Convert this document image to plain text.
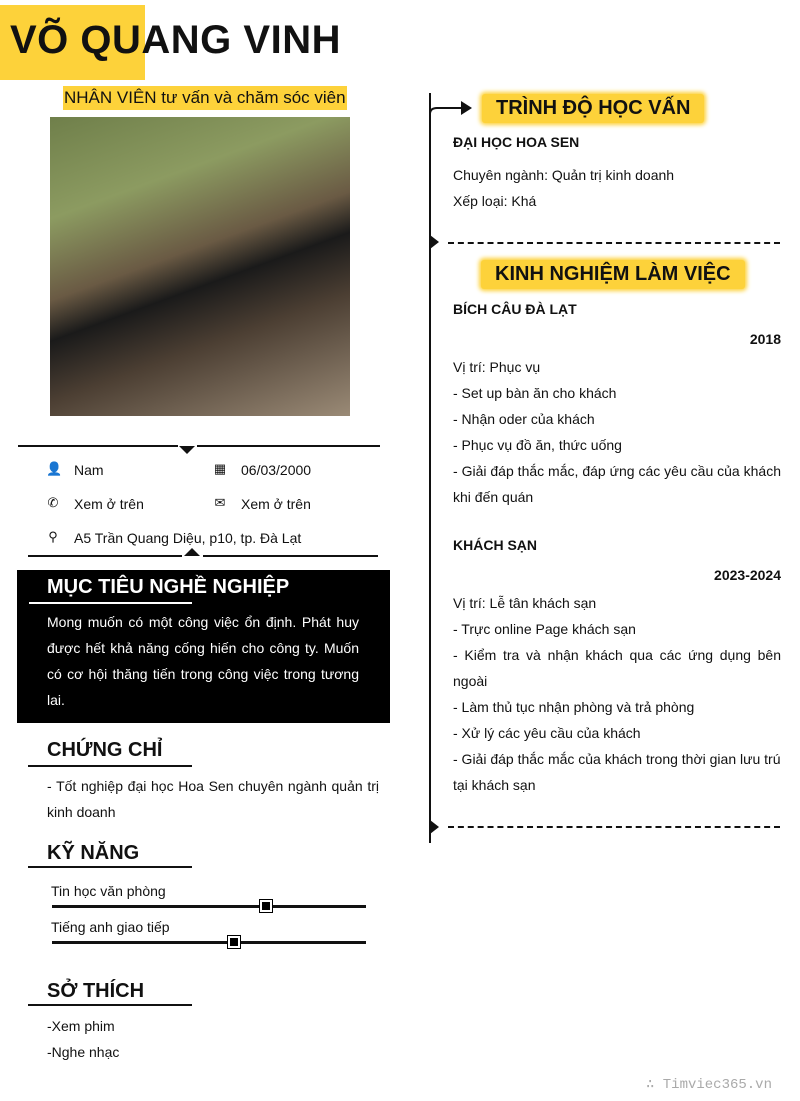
VÕ QUANG VINH
NHÂN VIÊN tư vấn và chăm sóc viên
👤 Nam	▦ 06/03/2000
✆ Xem ở trên	✉ Xem ở trên
⚲ A5 Trần Quang Diệu, p10, tp. Đà Lạt
MỤC TIÊU NGHỀ NGHIỆP
Mong muốn có một công việc ổn định. Phát huy được hết khả năng cống hiến cho công ty. Muốn có cơ hội thăng tiến trong công việc trong tương lai.
CHỨNG CHỈ
- Tốt nghiệp đại học Hoa Sen chuyên ngành quản trị kinh doanh
KỸ NĂNG
Tin học văn phòng
Tiếng anh giao tiếp
SỞ THÍCH
-Xem phim
-Nghe nhạc
TRÌNH ĐỘ HỌC VẤN
ĐẠI HỌC HOA SEN
Chuyên ngành: Quản trị kinh doanh
Xếp loại: Khá
KINH NGHIỆM LÀM VIỆC
BÍCH CÂU ĐÀ LẠT
2018
Vị trí: Phục vụ
- Set up bàn ăn cho khách
- Nhận oder của khách
- Phục vụ đồ ăn, thức uống
- Giải đáp thắc mắc, đáp ứng các yêu cầu của khách khi đến quán
KHÁCH SẠN
2023-2024
Vị trí: Lễ tân khách sạn
- Trực online Page khách sạn
- Kiểm tra và nhận khách qua các ứng dụng bên ngoài
- Làm thủ tục nhận phòng và trả phòng
- Xử lý các yêu cầu của khách
- Giải đáp thắc mắc của khách trong thời gian lưu trú tại khách sạn
∴ Timviec365.vn
